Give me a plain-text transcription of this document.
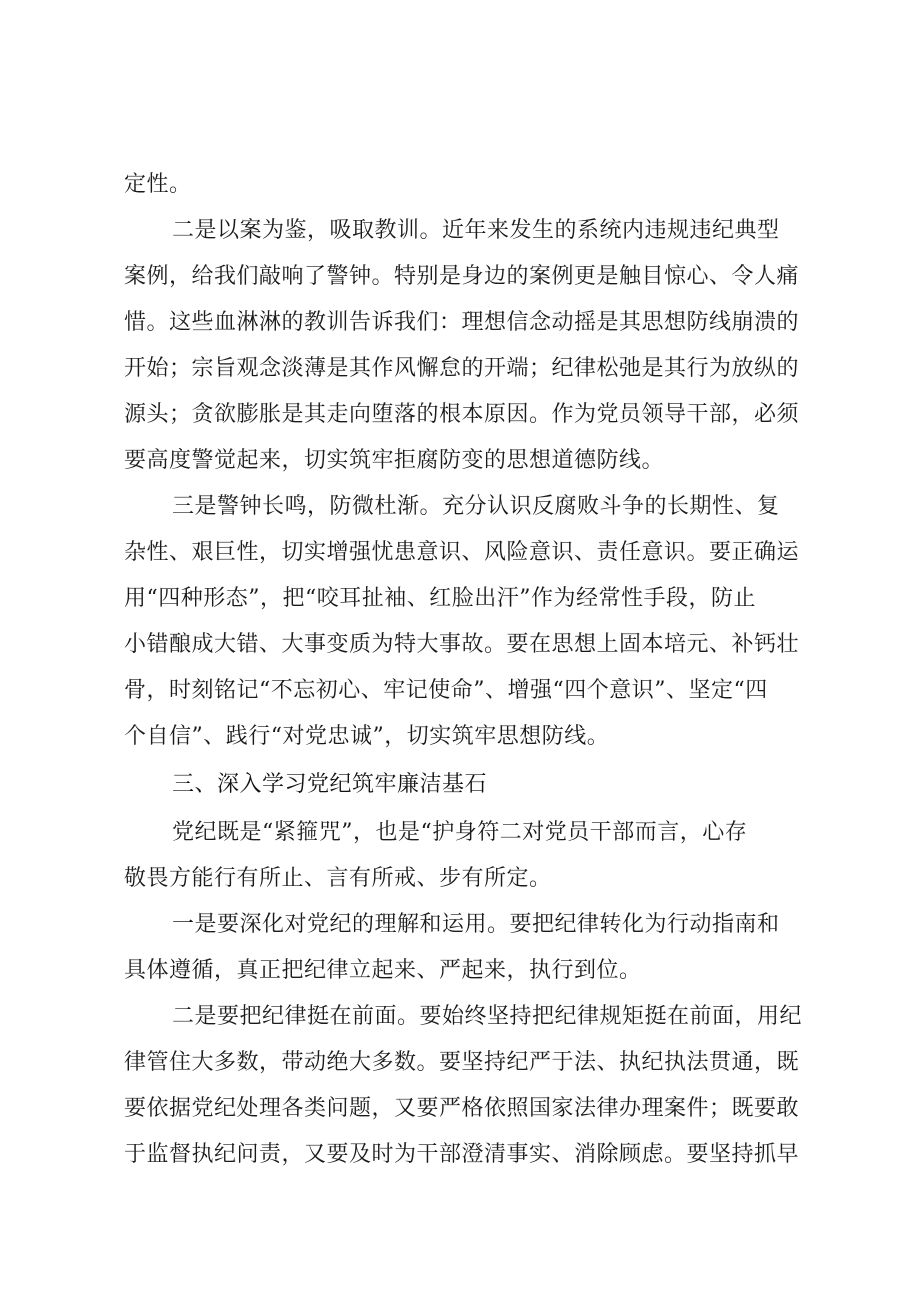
定性。
二是以案为鉴，吸取教训。近年来发生的系统内违规违纪典型
案例，给我们敲响了警钟。特别是身边的案例更是触目惊心、令人痛
惜。这些血淋淋的教训告诉我们：理想信念动摇是其思想防线崩溃的
开始；宗旨观念淡薄是其作风懈怠的开端；纪律松弛是其行为放纵的
源头；贪欲膨胀是其走向堕落的根本原因。作为党员领导干部，必须
要高度警觉起来，切实筑牢拒腐防变的思想道德防线。
三是警钟长鸣，防微杜渐。充分认识反腐败斗争的长期性、复
杂性、艰巨性，切实增强忧患意识、风险意识、责任意识。要正确运
用“四种形态”，把“咬耳扯袖、红脸出汗”作为经常性手段，防止
小错酿成大错、大事变质为特大事故。要在思想上固本培元、补钙壮
骨，时刻铭记“不忘初心、牢记使命”、增强“四个意识”、坚定“四
个自信”、践行“对党忠诚”，切实筑牢思想防线。
三、深入学习党纪筑牢廉洁基石
党纪既是“紧箍咒”，也是“护身符二对党员干部而言，心存
敬畏方能行有所止、言有所戒、步有所定。
一是要深化对党纪的理解和运用。要把纪律转化为行动指南和
具体遵循，真正把纪律立起来、严起来，执行到位。
二是要把纪律挺在前面。要始终坚持把纪律规矩挺在前面，用纪
律管住大多数，带动绝大多数。要坚持纪严于法、执纪执法贯通，既
要依据党纪处理各类问题，又要严格依照国家法律办理案件；既要敢
于监督执纪问责，又要及时为干部澄清事实、消除顾虑。要坚持抓早
